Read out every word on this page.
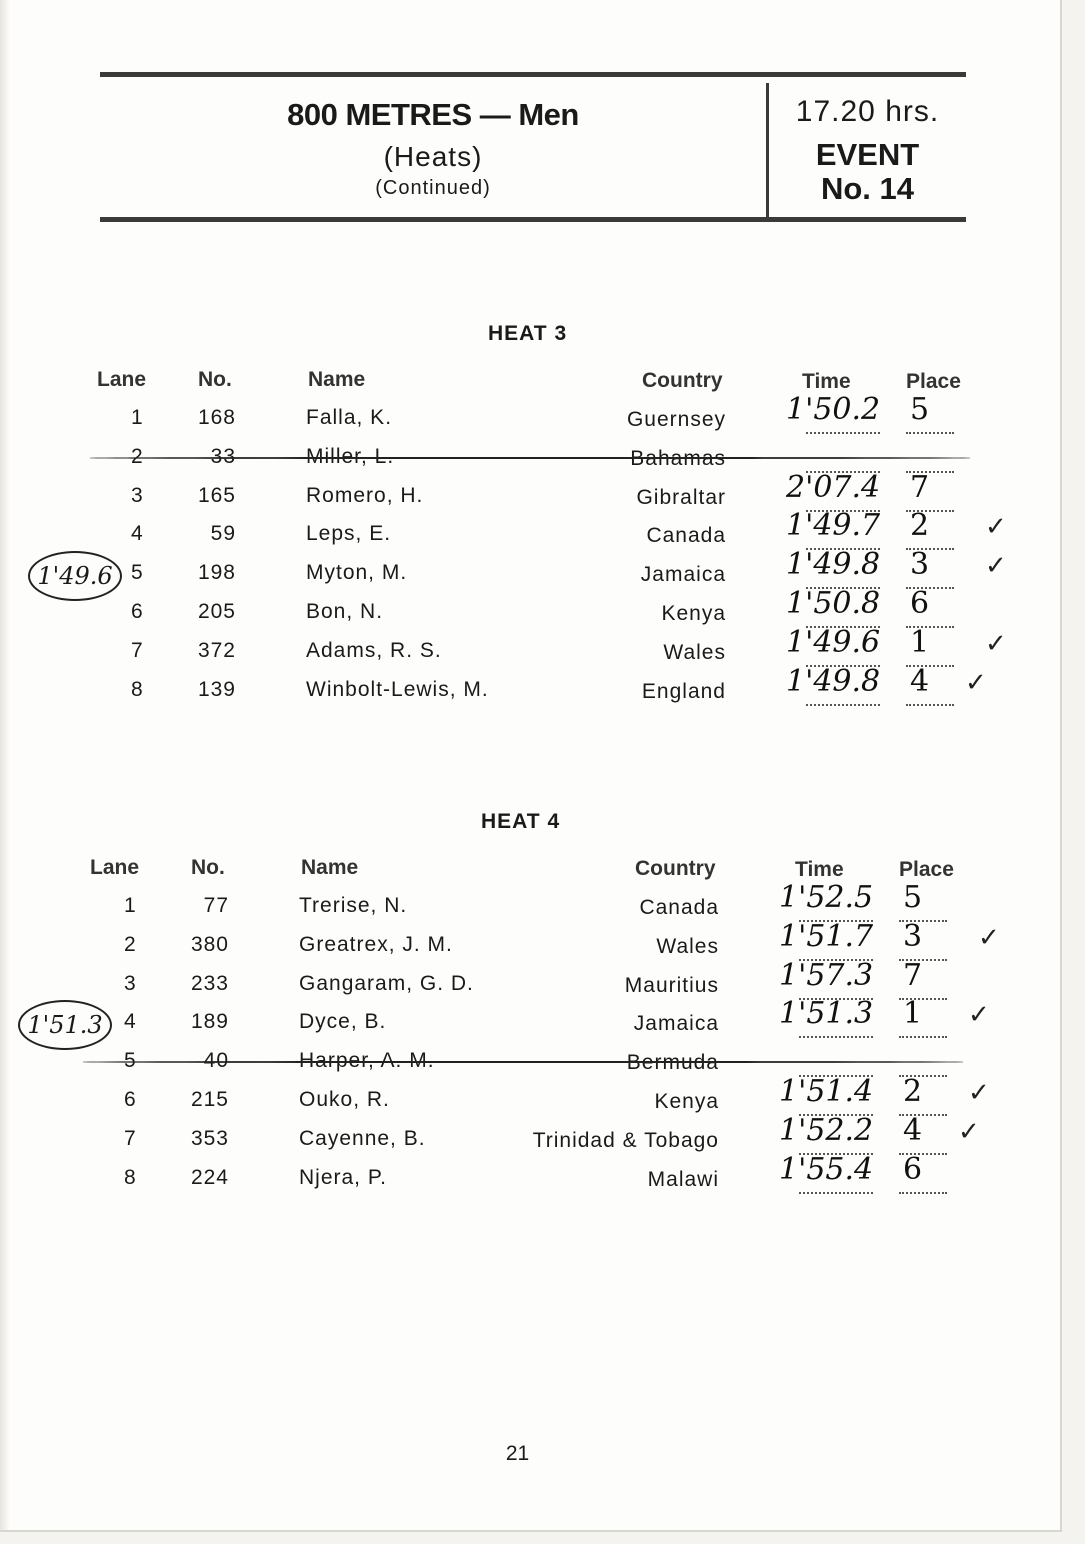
800 METRES — Men
(Heats)
(Continued)
17.20 hrs.
EVENT
No. 14
HEAT 3
Lane No.	Name	Country	Time	Place
1	168	Falla, K.	Guernsey 1'50.2 5
2	33	Miller, L.	Bahamas
3	165	Romero, H.	Gibraltar 2'07.4 7
4	59	Leps, E.	Canada 1'49.7 2 ✓
5	198	Myton, M.	Jamaica 1'49.8 3 ✓
6	205	Bon, N.	Kenya 1'50.8 6
7	372	Adams, R. S.	Wales 1'49.6 1 ✓
8	139	Winbolt-Lewis, M.	England 1'49.8 4 ✓
1'49.6
HEAT 4
Lane No.	Name	Country	Time	Place
1	77	Trerise, N.	Canada 1'52.5 5
2	380	Greatrex, J. M.	Wales 1'51.7 3 ✓
3	233	Gangaram, G. D.	Mauritius 1'57.3 7
4	189	Dyce, B.	Jamaica 1'51.3 1 ✓
5	40	Harper, A. M.	Bermuda
6	215	Ouko, R.	Kenya 1'51.4 2 ✓
7	353	Cayenne, B.	Trinidad & Tobago 1'52.2 4 ✓
8	224	Njera, P.	Malawi 1'55.4 6
1'51.3
21
